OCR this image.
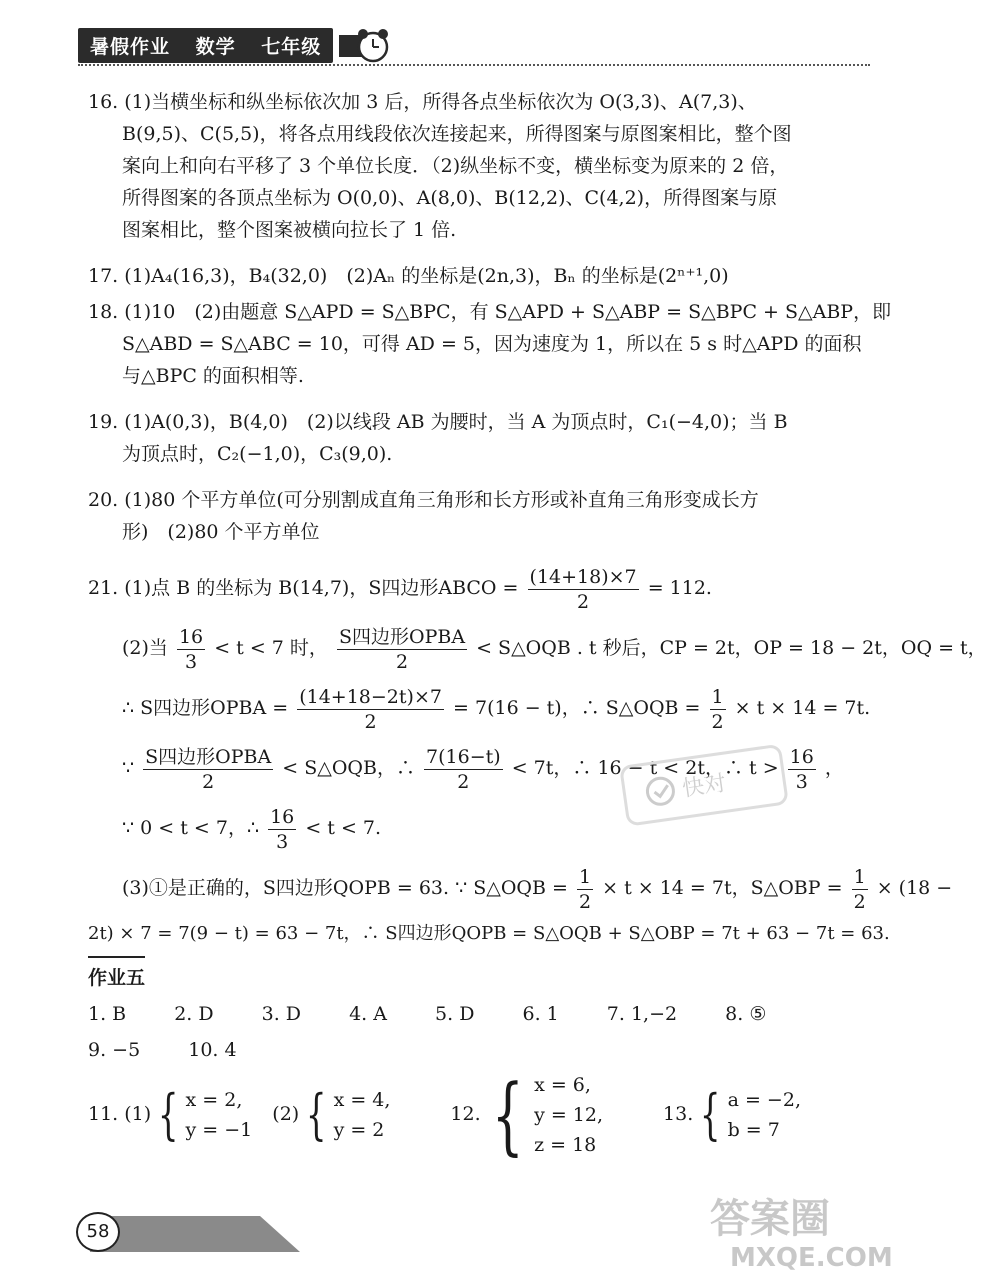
暑假作业 数学 七年级
16. (1)当横坐标和纵坐标依次加 3 后，所得各点坐标依次为 O(3,3)、A(7,3)、
B(9,5)、C(5,5)，将各点用线段依次连接起来，所得图案与原图案相比，整个图
案向上和向右平移了 3 个单位长度．（2)纵坐标不变，横坐标变为原来的 2 倍，
所得图案的各顶点坐标为 O(0,0)、A(8,0)、B(12,2)、C(4,2)，所得图案与原
图案相比，整个图案被横向拉长了 1 倍.
17. (1)A₄(16,3)，B₄(32,0)　(2)Aₙ 的坐标是(2n,3)，Bₙ 的坐标是(2ⁿ⁺¹,0)
18. (1)10　(2)由题意 S△APD = S△BPC，有 S△APD + S△ABP = S△BPC + S△ABP，即
S△ABD = S△ABC = 10，可得 AD = 5，因为速度为 1，所以在 5 s 时△APD 的面积
与△BPC 的面积相等.
19. (1)A(0,3)，B(4,0)　(2)以线段 AB 为腰时，当 A 为顶点时，C₁(−4,0)；当 B
为顶点时，C₂(−1,0)，C₃(9,0).
20. (1)80 个平方单位(可分别割成直角三角形和长方形或补直角三角形变成长方
形)　(2)80 个平方单位
21. (1)点 B 的坐标为 B(14,7)，S四边形ABCO = $\frac{(14+18)\times 7}{2} = 112$.
(2)当 $\frac{16}{3} < t < 7$ 时， $\frac{\text{S四边形OPBA}}{2}$ < S△OQB . t 秒后，CP = 2t，OP = 18 − 2t，OQ = t，
∴ S四边形OPBA = $\frac{(14+18-2t)\times 7}{2} = 7(16 - t)$，∴ S△OQB = $\frac{1}{2} \times t \times 14 = 7t$.
∵ $\frac{\text{S四边形OPBA}}{2}$ < S△OQB，∴ $\frac{7(16-t)}{2} < 7t$，∴ 16 − t < 2t，∴ $t > \frac{16}{3}$ ，
∵ 0 < t < 7，∴ $\frac{16}{3} < t < 7$.
(3)①是正确的，S四边形QOPB = 63. ∵ S△OQB = $\frac{1}{2} \times t \times 14 = 7t$，S△OBP = $\frac{1}{2} \times (18$ −
2t) × 7 = 7(9 − t) = 63 − 7t，∴ S四边形QOPB = S△OQB + S△OBP = 7t + 63 − 7t = 63.
作业五
1. B	2. D	3. D	4. A	5. D	6. 1	7. 1,−2	8. ⑤
9. −5	10. 4
11. (1) { x = 2,
y = −1
(2) { x = 4,
y = 2
12. { x = 6,
y = 12,
z = 18
13. { a = −2,
b = 7
快对
58	答案圈
MXQE.COM
